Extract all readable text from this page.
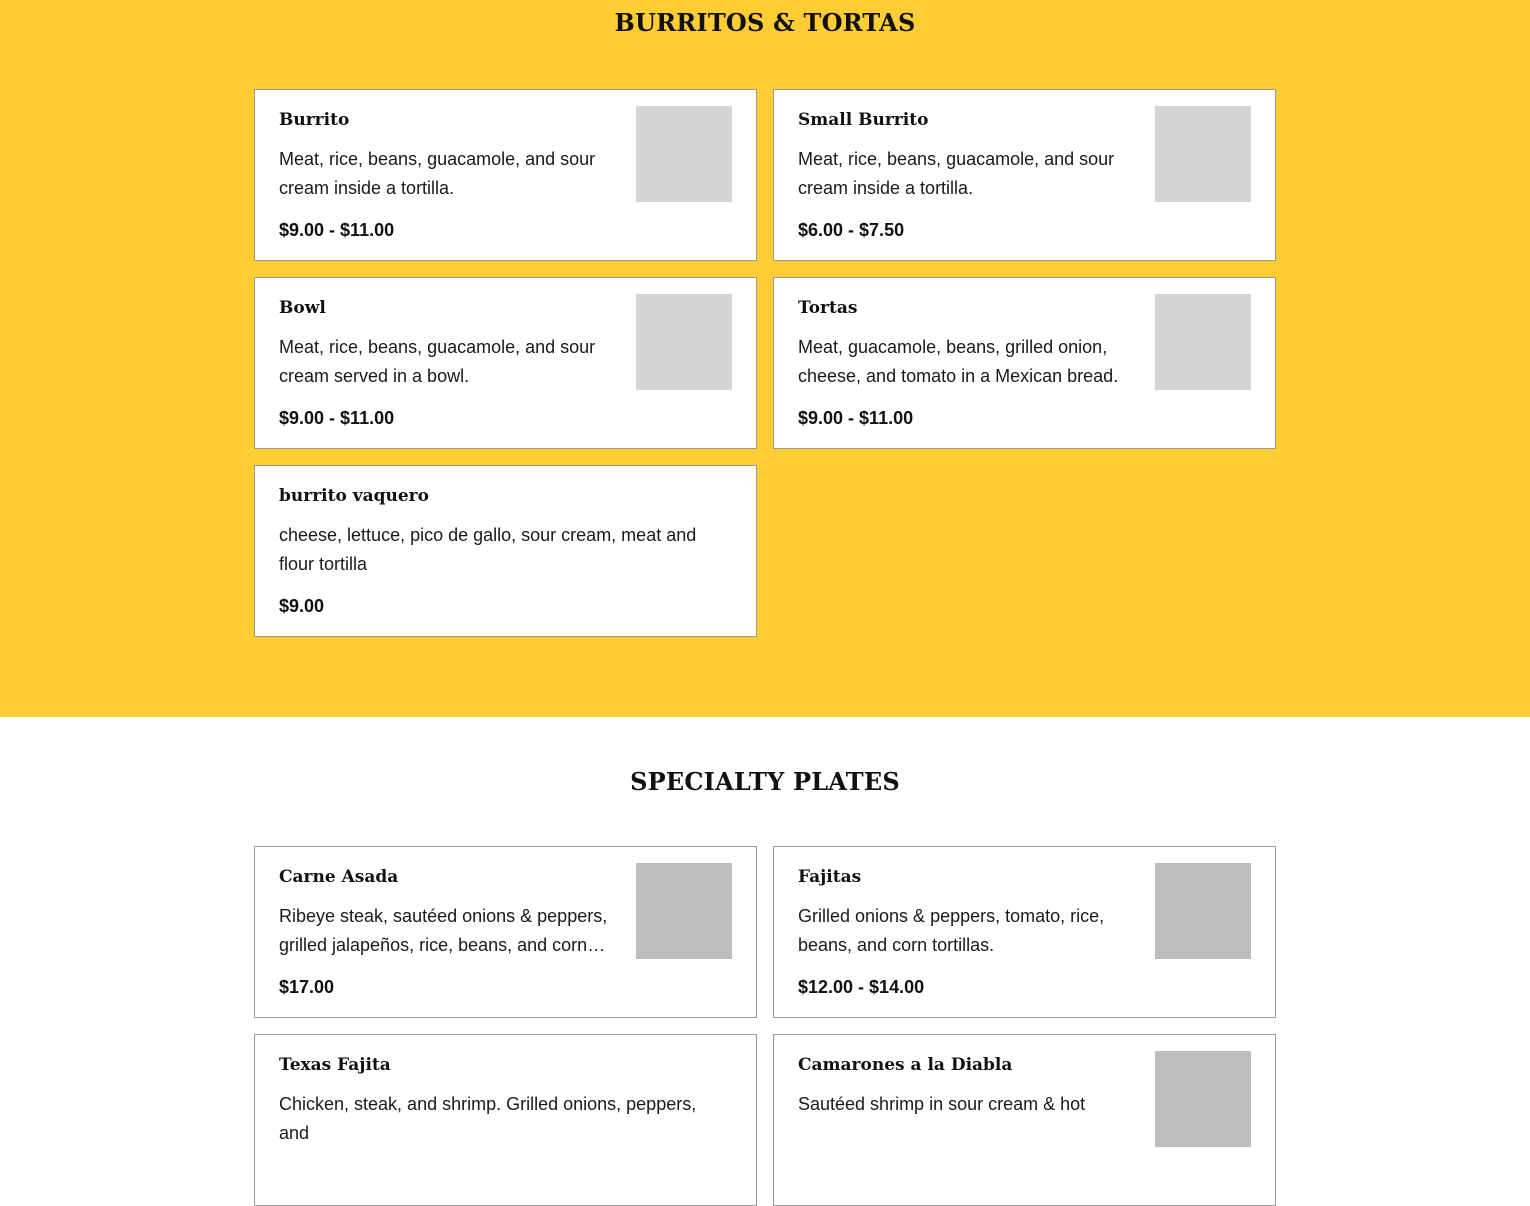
BURRITOS & TORTAS
Burrito
Meat, rice, beans, guacamole, and sour cream inside a tortilla.
$9.00 - $11.00
Small Burrito
Meat, rice, beans, guacamole, and sour cream inside a tortilla.
$6.00 - $7.50
Bowl
Meat, rice, beans, guacamole, and sour cream served in a bowl.
$9.00 - $11.00
Tortas
Meat, guacamole, beans, grilled onion, cheese, and tomato in a Mexican bread.
$9.00 - $11.00
burrito vaquero
cheese, lettuce, pico de gallo, sour cream, meat and flour tortilla
$9.00
SPECIALTY PLATES
Carne Asada
Ribeye steak, sautéed onions & peppers, grilled jalapeños, rice, beans, and corn…
$17.00
Fajitas
Grilled onions & peppers, tomato, rice, beans, and corn tortillas.
$12.00 - $14.00
Texas Fajita
Chicken, steak, and shrimp. Grilled onions, peppers, and
Camarones a la Diabla
Sautéed shrimp in sour cream & hot
